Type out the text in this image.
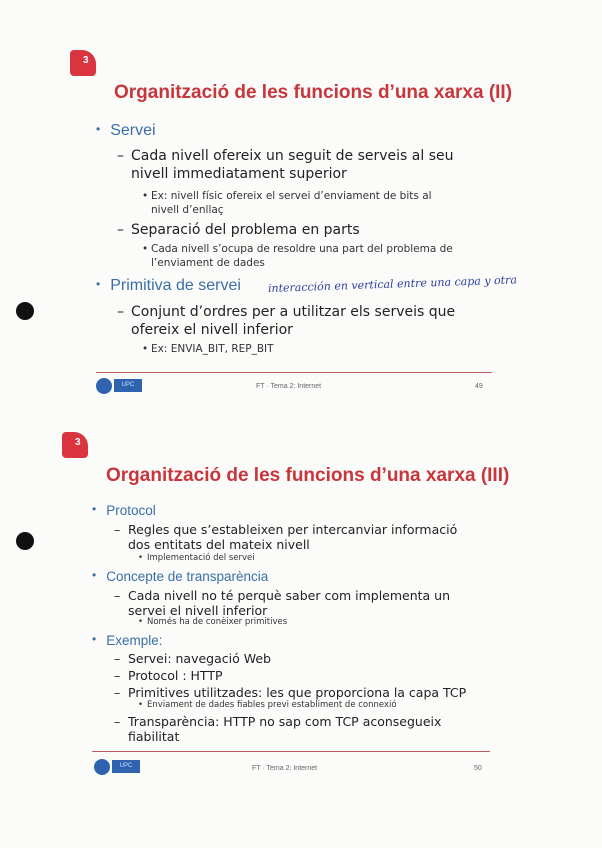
3
Organització de les funcions d’una xarxa (II)
• Servei
– Cada nivell ofereix un seguit de serveis al seu nivell immediatament superior
• Ex: nivell físic ofereix el servei d’enviament de bits al nivell d’enllaç
– Separació del problema en parts
• Cada nivell s’ocupa de resoldre una part del problema de l’enviament de dades
• Primitiva de servei interacción en vertical entre una capa y otra
– Conjunt d’ordres per a utilitzar els serveis que ofereix el nivell inferior
• Ex: ENVIA_BIT, REP_BIT
UPC	FT · Tema 2: Internet	49
3
Organització de les funcions d’una xarxa (III)
• Protocol
– Regles que s’estableixen per intercanviar informació dos entitats del mateix nivell
• Implementació del servei
• Concepte de transparència
– Cada nivell no té perquè saber com implementa un servei el nivell inferior
• Només ha de conèixer primitives
• Exemple:
– Servei: navegació Web
– Protocol : HTTP
– Primitives utilitzades: les que proporciona la capa TCP
• Enviament de dades fiables previ establiment de connexió
– Transparència: HTTP no sap com TCP aconsegueix fiabilitat
UPC	FT · Tema 2: Internet	50
